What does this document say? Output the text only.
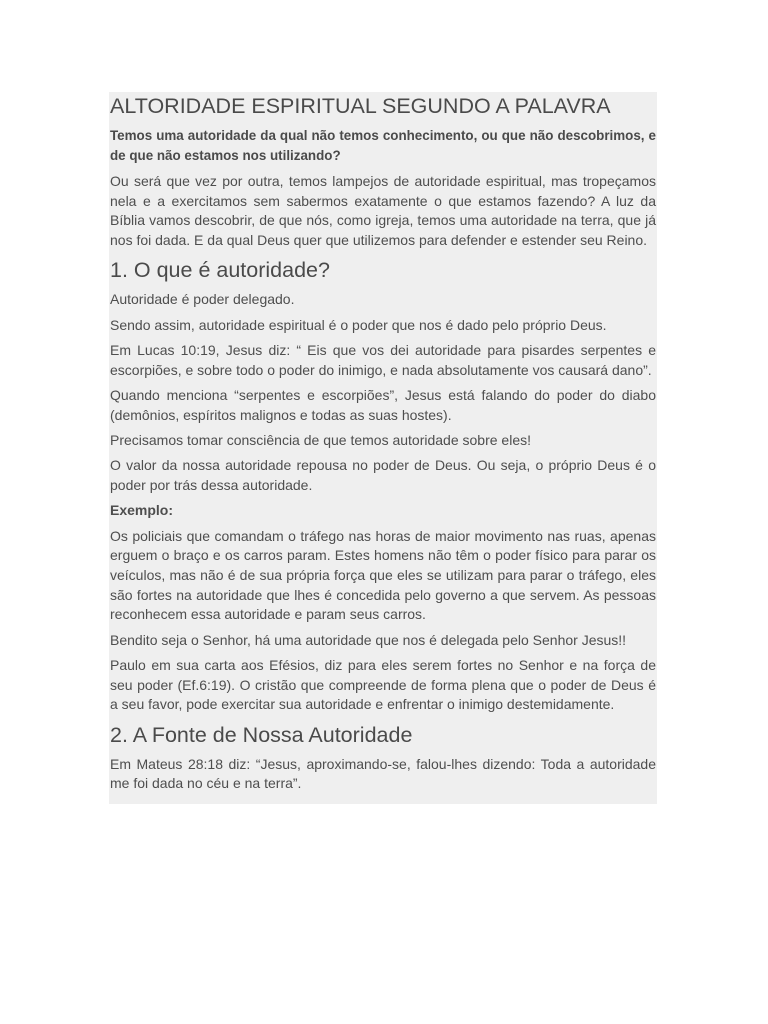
ALTORIDADE ESPIRITUAL SEGUNDO A PALAVRA
Temos uma autoridade da qual não temos conhecimento, ou que não descobrimos, e de que não estamos nos utilizando?

Ou será que vez por outra, temos lampejos de autoridade espiritual, mas tropeçamos nela e a exercitamos sem sabermos exatamente o que estamos fazendo? A luz da Bíblia vamos descobrir, de que nós, como igreja, temos uma autoridade na terra, que já nos foi dada. E da qual Deus quer que utilizemos para defender e estender seu Reino.

1. O que é autoridade?

Autoridade é poder delegado.

Sendo assim, autoridade espiritual é o poder que nos é dado pelo próprio Deus.

Em Lucas 10:19, Jesus diz: “ Eis que vos dei autoridade para pisardes serpentes e escorpiões, e sobre todo o poder do inimigo, e nada absolutamente vos causará dano”.

Quando menciona “serpentes e escorpiões”, Jesus está falando do poder do diabo (demônios, espíritos malignos e todas as suas hostes).

Precisamos tomar consciência de que temos autoridade sobre eles!

O valor da nossa autoridade repousa no poder de Deus. Ou seja, o próprio Deus é o poder por trás dessa autoridade.

Exemplo:

Os policiais que comandam o tráfego nas horas de maior movimento nas ruas, apenas erguem o braço e os carros param. Estes homens não têm o poder físico para parar os veículos, mas não é de sua própria força que eles se utilizam para parar o tráfego, eles são fortes na autoridade que lhes é concedida pelo governo a que servem. As pessoas reconhecem essa autoridade e param seus carros.

Bendito seja o Senhor, há uma autoridade que nos é delegada pelo Senhor Jesus!!

Paulo em sua carta aos Efésios, diz para eles serem fortes no Senhor e na força de seu poder (Ef.6:19). O cristão que compreende de forma plena que o poder de Deus é a seu favor, pode exercitar sua autoridade e enfrentar o inimigo destemidamente.

2. A Fonte de Nossa Autoridade

Em Mateus 28:18 diz: “Jesus, aproximando-se, falou-lhes dizendo: Toda a autoridade me foi dada no céu e na terra”.
